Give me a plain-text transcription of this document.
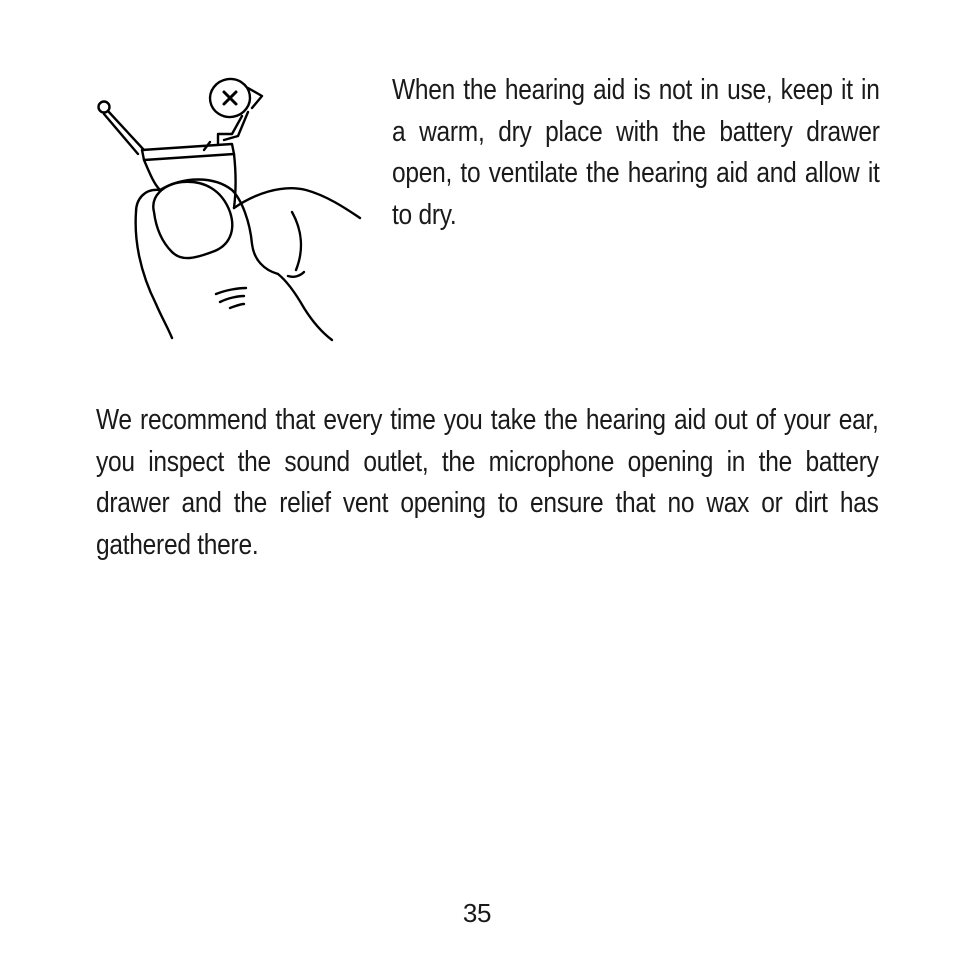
When the hearing aid is not in use, keep it in a warm, dry place with the battery drawer open, to ventilate the hearing aid and allow it to dry.
We recommend that every time you take the hearing aid out of your ear, you inspect the sound outlet, the microphone opening in the battery drawer and the relief vent opening to ensure that no wax or dirt has gathered there.
35
